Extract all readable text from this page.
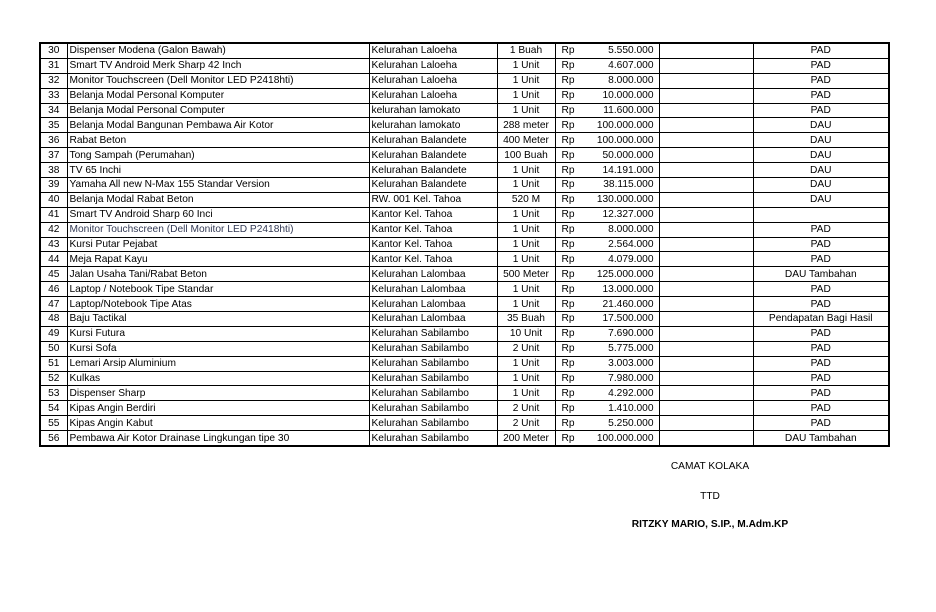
30	Dispenser Modena (Galon Bawah)	Kelurahan Laloeha	1 Buah	Rp	5.550.000		PAD
31	Smart TV Android Merk Sharp 42 Inch	Kelurahan Laloeha	1 Unit	Rp	4.607.000		PAD
32	Monitor Touchscreen (Dell Monitor LED P2418hti)	Kelurahan Laloeha	1 Unit	Rp	8.000.000		PAD
33	Belanja Modal Personal Komputer	Kelurahan Laloeha	1 Unit	Rp	10.000.000		PAD
34	Belanja Modal Personal Computer	kelurahan lamokato	1 Unit	Rp	11.600.000		PAD
35	Belanja Modal Bangunan Pembawa Air Kotor	kelurahan lamokato	288 meter	Rp	100.000.000		DAU
36	Rabat Beton	Kelurahan Balandete	400 Meter	Rp	100.000.000		DAU
37	Tong Sampah (Perumahan)	Kelurahan Balandete	100 Buah	Rp	50.000.000		DAU
38	TV 65 Inchi	Kelurahan Balandete	1 Unit	Rp	14.191.000		DAU
39	Yamaha All new N-Max 155 Standar Version	Kelurahan Balandete	1 Unit	Rp	38.115.000		DAU
40	Belanja Modal Rabat Beton	RW. 001 Kel. Tahoa	520 M	Rp	130.000.000		DAU
41	Smart TV Android Sharp 60 Inci	Kantor Kel. Tahoa	1 Unit	Rp	12.327.000		
42	Monitor Touchscreen (Dell Monitor LED P2418hti)	Kantor Kel. Tahoa	1 Unit	Rp	8.000.000		PAD
43	Kursi Putar Pejabat	Kantor Kel. Tahoa	1 Unit	Rp	2.564.000		PAD
44	Meja Rapat Kayu	Kantor Kel. Tahoa	1 Unit	Rp	4.079.000		PAD
45	Jalan Usaha Tani/Rabat Beton	Kelurahan Lalombaa	500 Meter	Rp	125.000.000		DAU Tambahan
46	Laptop / Notebook Tipe Standar	Kelurahan Lalombaa	1 Unit	Rp	13.000.000		PAD
47	Laptop/Notebook Tipe Atas	Kelurahan Lalombaa	1 Unit	Rp	21.460.000		PAD
48	Baju Tactikal	Kelurahan Lalombaa	35 Buah	Rp	17.500.000		Pendapatan Bagi Hasil
49	Kursi Futura	Kelurahan Sabilambo	10 Unit	Rp	7.690.000		PAD
50	Kursi Sofa	Kelurahan Sabilambo	2 Unit	Rp	5.775.000		PAD
51	Lemari Arsip Aluminium	Kelurahan Sabilambo	1 Unit	Rp	3.003.000		PAD
52	Kulkas	Kelurahan Sabilambo	1 Unit	Rp	7.980.000		PAD
53	Dispenser Sharp	Kelurahan Sabilambo	1 Unit	Rp	4.292.000		PAD
54	Kipas Angin Berdiri	Kelurahan Sabilambo	2 Unit	Rp	1.410.000		PAD
55	Kipas Angin Kabut	Kelurahan Sabilambo	2 Unit	Rp	5.250.000		PAD
56	Pembawa Air Kotor Drainase Lingkungan tipe 30	Kelurahan Sabilambo	200 Meter	Rp	100.000.000		DAU Tambahan
CAMAT KOLAKA
TTD
RITZKY MARIO, S.IP., M.Adm.KP
